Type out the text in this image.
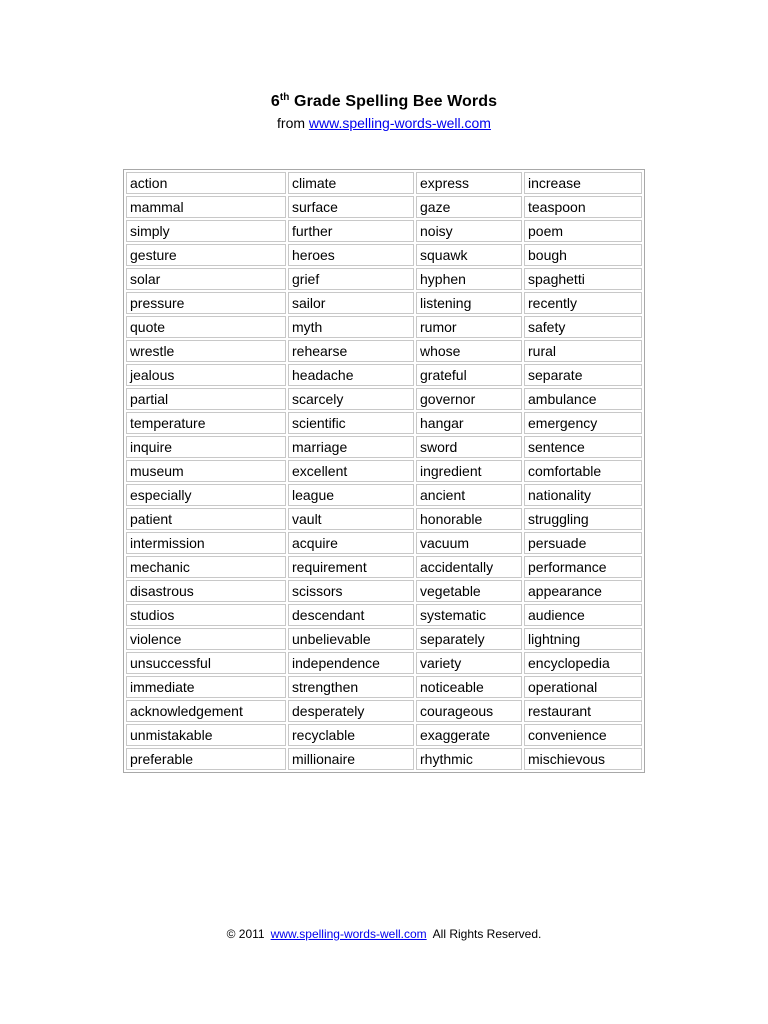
6th Grade Spelling Bee Words
from www.spelling-words-well.com
action	climate	express	increase
mammal	surface	gaze	teaspoon
simply	further	noisy	poem
gesture	heroes	squawk	bough
solar	grief	hyphen	spaghetti
pressure	sailor	listening	recently
quote	myth	rumor	safety
wrestle	rehearse	whose	rural
jealous	headache	grateful	separate
partial	scarcely	governor	ambulance
temperature	scientific	hangar	emergency
inquire	marriage	sword	sentence
museum	excellent	ingredient	comfortable
especially	league	ancient	nationality
patient	vault	honorable	struggling
intermission	acquire	vacuum	persuade
mechanic	requirement	accidentally	performance
disastrous	scissors	vegetable	appearance
studios	descendant	systematic	audience
violence	unbelievable	separately	lightning
unsuccessful	independence	variety	encyclopedia
immediate	strengthen	noticeable	operational
acknowledgement	desperately	courageous	restaurant
unmistakable	recyclable	exaggerate	convenience
preferable	millionaire	rhythmic	mischievous
© 2011 www.spelling-words-well.com All Rights Reserved.
